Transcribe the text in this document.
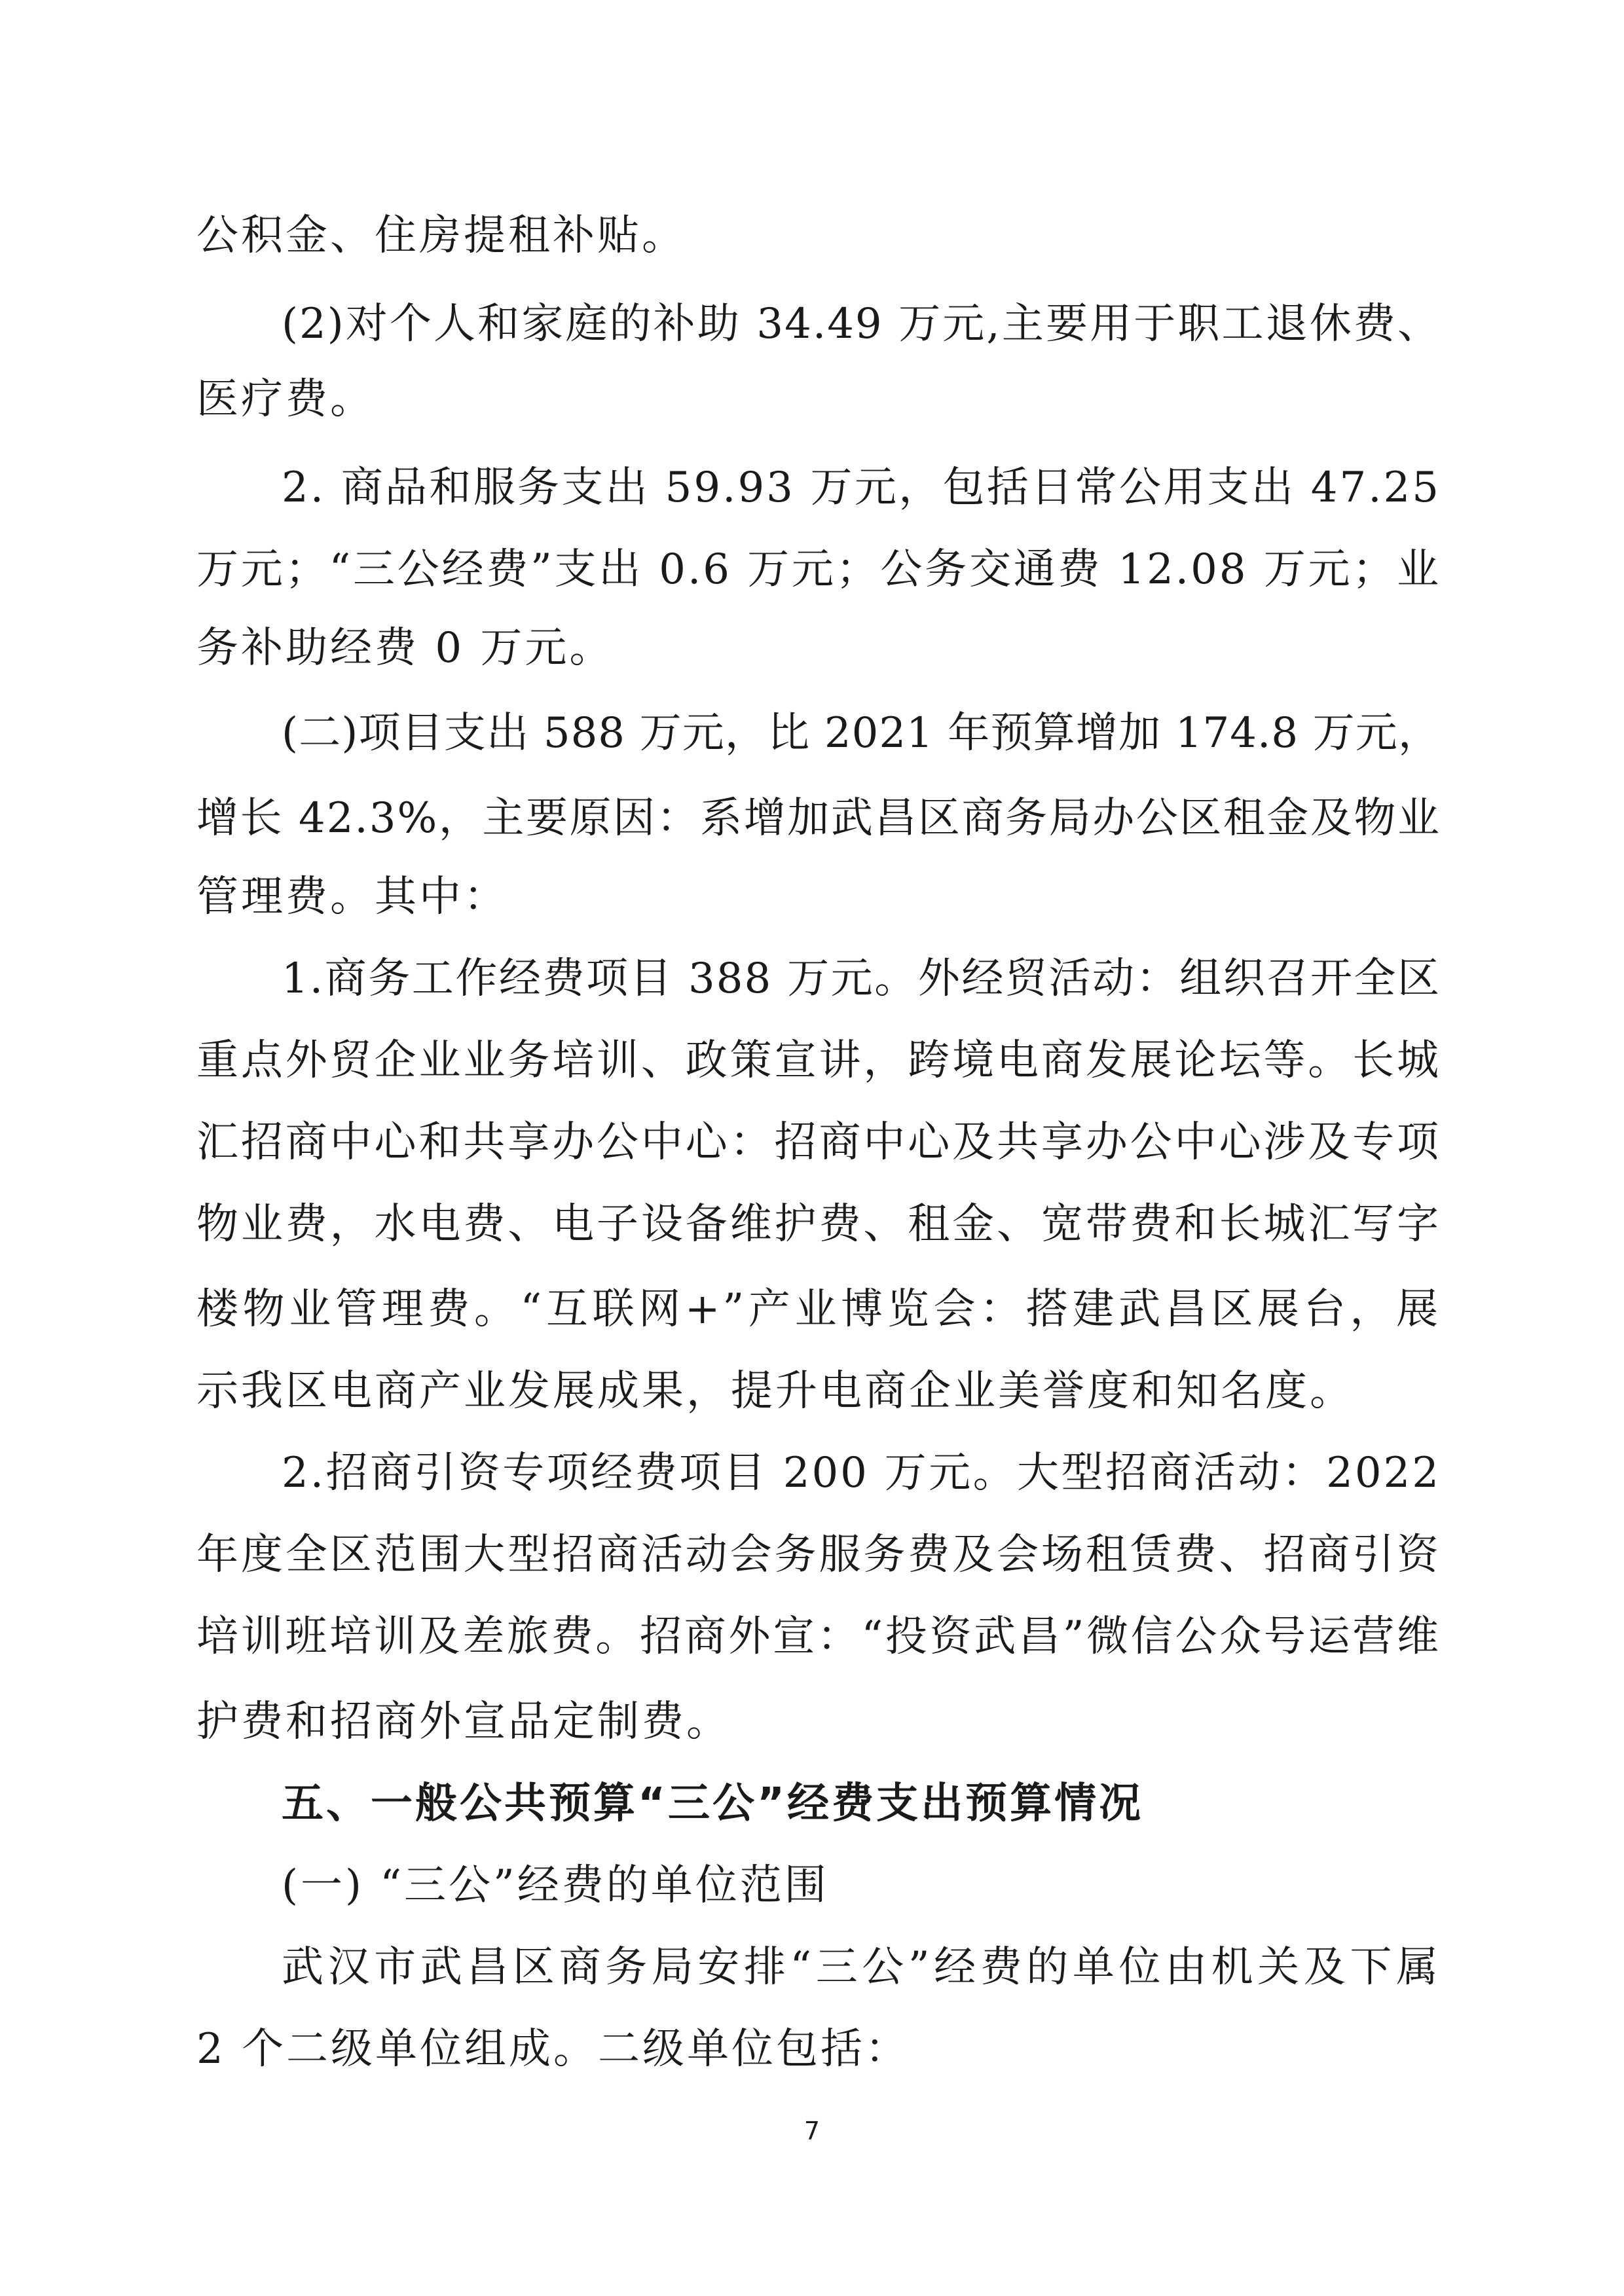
公积金、住房提租补贴。
(2)对个人和家庭的补助 34.49 万元,主要用于职工退休费、
医疗费。
2. 商品和服务支出 59.93 万元，包括日常公用支出 47.25
万元；“三公经费”支出 0.6 万元；公务交通费 12.08 万元；业
务补助经费 0 万元。
(二)项目支出 588 万元，比 2021 年预算增加 174.8 万元，
增长 42.3%，主要原因：系增加武昌区商务局办公区租金及物业
管理费。其中：
1.商务工作经费项目 388 万元。外经贸活动：组织召开全区
重点外贸企业业务培训、政策宣讲，跨境电商发展论坛等。长城
汇招商中心和共享办公中心：招商中心及共享办公中心涉及专项
物业费，水电费、电子设备维护费、租金、宽带费和长城汇写字
楼物业管理费。“互联网+”产业博览会：搭建武昌区展台，展
示我区电商产业发展成果，提升电商企业美誉度和知名度。
2.招商引资专项经费项目 200 万元。大型招商活动：2022
年度全区范围大型招商活动会务服务费及会场租赁费、招商引资
培训班培训及差旅费。招商外宣：“投资武昌”微信公众号运营维
护费和招商外宣品定制费。
五、一般公共预算“三公”经费支出预算情况
(一) “三公”经费的单位范围
武汉市武昌区商务局安排“三公”经费的单位由机关及下属
2 个二级单位组成。二级单位包括：
7
